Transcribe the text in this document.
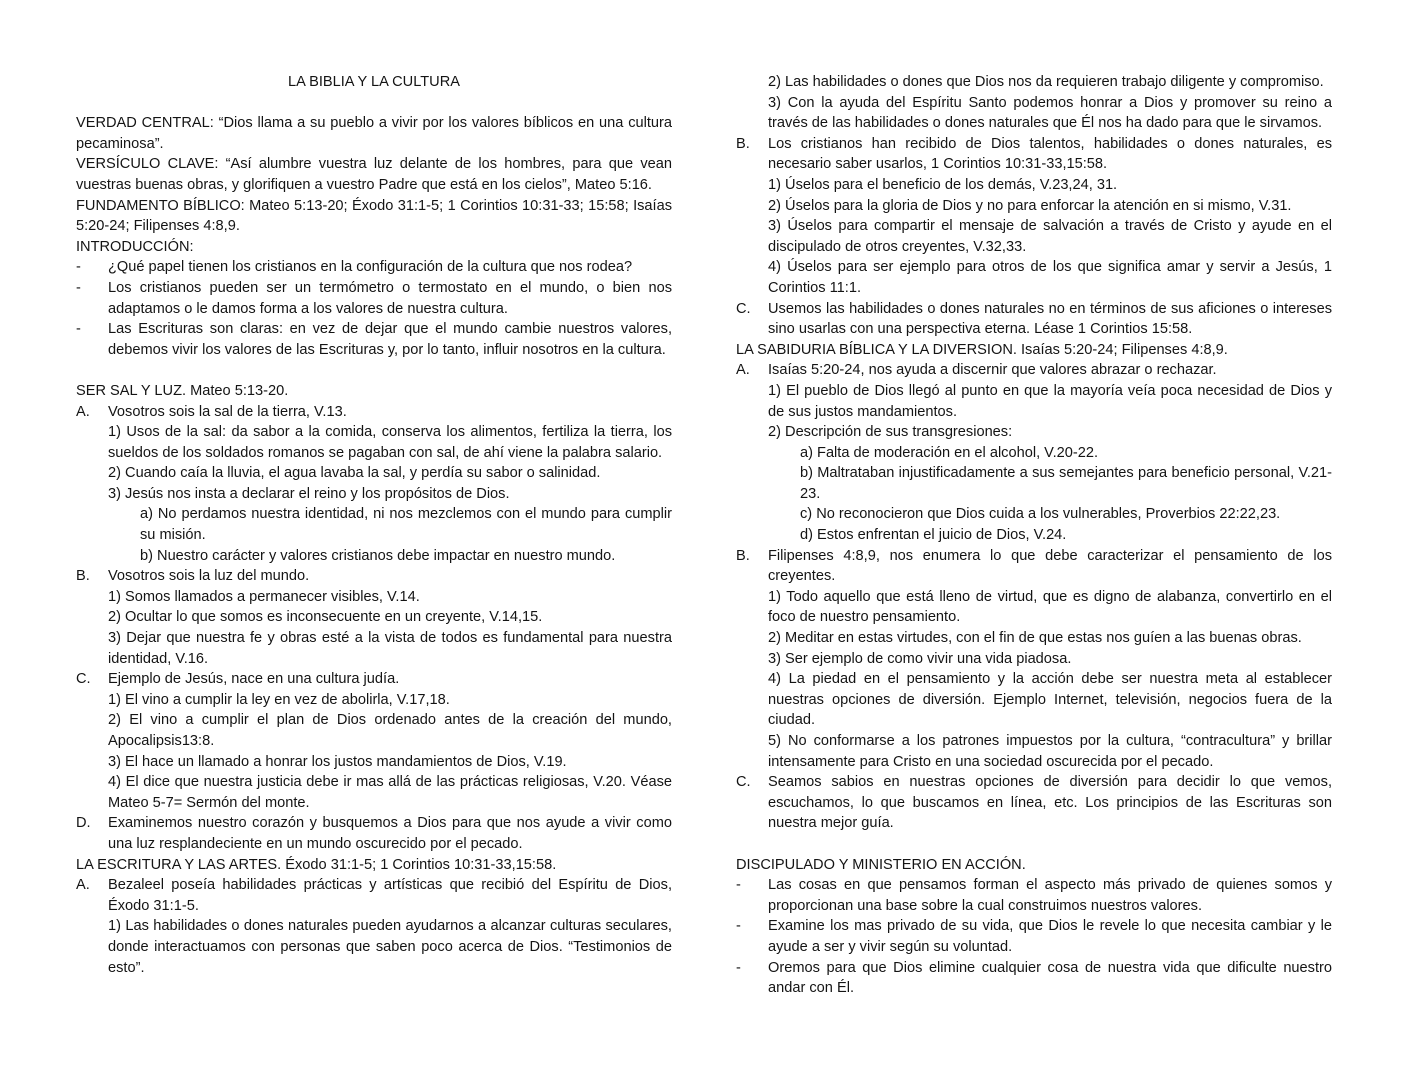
LA BIBLIA Y LA CULTURA

VERDAD CENTRAL: “Dios llama a su pueblo a vivir por los valores bíblicos en una cultura pecaminosa”.

VERSÍCULO CLAVE: “Así alumbre vuestra luz delante de los hombres, para que vean vuestras buenas obras, y glorifiquen a vuestro Padre que está en los cielos”, Mateo 5:16.

FUNDAMENTO BÍBLICO: Mateo 5:13-20; Éxodo 31:1-5; 1 Corintios 10:31-33; 15:58; Isaías 5:20-24; Filipenses 4:8,9.

INTRODUCCIÓN:

-	¿Qué papel tienen los cristianos en la configuración de la cultura que nos rodea?
-	Los cristianos pueden ser un termómetro o termostato en el mundo, o bien nos adaptamos o le damos forma a los valores de nuestra cultura.
-	Las Escrituras son claras: en vez de dejar que el mundo cambie nuestros valores, debemos vivir los valores de las Escrituras y, por lo tanto, influir nosotros en la cultura.

SER SAL Y LUZ. Mateo 5:13-20.

A.	Vosotros sois la sal de la tierra, V.13.

1) Usos de la sal: da sabor a la comida, conserva los alimentos, fertiliza la tierra, los sueldos de los soldados romanos se pagaban con sal, de ahí viene la palabra salario.

2) Cuando caía la lluvia, el agua lavaba la sal, y perdía su sabor o salinidad.

3) Jesús nos insta a declarar el reino y los propósitos de Dios.

a) No perdamos nuestra identidad, ni nos mezclemos con el mundo para cumplir su misión.

b) Nuestro carácter y valores cristianos debe impactar en nuestro mundo.

B.	Vosotros sois la luz del mundo.

1) Somos llamados a permanecer visibles, V.14.

2) Ocultar lo que somos es inconsecuente en un creyente, V.14,15.

3) Dejar que nuestra fe y obras esté a la vista de todos es fundamental para nuestra identidad, V.16.

C.	Ejemplo de Jesús, nace en una cultura judía.

1) El vino a cumplir la ley en vez de abolirla, V.17,18.

2) El vino a cumplir el plan de Dios ordenado antes de la creación del mundo, Apocalipsis13:8.

3) El hace un llamado a honrar los justos mandamientos de Dios, V.19.

4) El dice que nuestra justicia debe ir mas allá de las prácticas religiosas, V.20. Véase Mateo 5-7= Sermón del monte.

D.	Examinemos nuestro corazón y busquemos a Dios para que nos ayude a vivir como una luz resplandeciente en un mundo oscurecido por el pecado.

LA ESCRITURA Y LAS ARTES. Éxodo 31:1-5; 1 Corintios 10:31-33,15:58.

A.	Bezaleel poseía habilidades prácticas y artísticas que recibió del Espíritu de Dios, Éxodo 31:1-5.

1) Las habilidades o dones naturales pueden ayudarnos a alcanzar culturas seculares, donde interactuamos con personas que saben poco acerca de Dios. “Testimonios de esto”.

2) Las habilidades o dones que Dios nos da requieren trabajo diligente y compromiso.

3) Con la ayuda del Espíritu Santo podemos honrar a Dios y promover su reino a través de las habilidades o dones naturales que Él nos ha dado para que le sirvamos.

B.	Los cristianos han recibido de Dios talentos, habilidades o dones naturales, es necesario saber usarlos, 1 Corintios 10:31-33,15:58.

1) Úselos para el beneficio de los demás, V.23,24, 31.

2) Úselos para la gloria de Dios y no para enforcar la atención en si mismo, V.31.

3) Úselos para compartir el mensaje de salvación a través de Cristo y ayude en el discipulado de otros creyentes, V.32,33.

4) Úselos para ser ejemplo para otros de los que significa amar y servir a Jesús, 1 Corintios 11:1.

C.	Usemos las habilidades o dones naturales no en términos de sus aficiones o intereses sino usarlas con una perspectiva eterna. Léase 1 Corintios 15:58.

LA SABIDURIA BÍBLICA Y LA DIVERSION. Isaías 5:20-24; Filipenses 4:8,9.

A.	Isaías 5:20-24, nos ayuda a discernir que valores abrazar o rechazar.

1) El pueblo de Dios llegó al punto en que la mayoría veía poca necesidad de Dios y de sus justos mandamientos.

2) Descripción de sus transgresiones:

a) Falta de moderación en el alcohol, V.20-22.

b) Maltrataban injustificadamente a sus semejantes para beneficio personal, V.21-23.

c) No reconocieron que Dios cuida a los vulnerables, Proverbios 22:22,23.

d) Estos enfrentan el juicio de Dios, V.24.

B.	Filipenses 4:8,9, nos enumera lo que debe caracterizar el pensamiento de los creyentes.

1) Todo aquello que está lleno de virtud, que es digno de alabanza, convertirlo en el foco de nuestro pensamiento.

2) Meditar en estas virtudes, con el fin de que estas nos guíen a las buenas obras.

3) Ser ejemplo de como vivir una vida piadosa.

4) La piedad en el pensamiento y la acción debe ser nuestra meta al establecer nuestras opciones de diversión. Ejemplo Internet, televisión, negocios fuera de la ciudad.

5) No conformarse a los patrones impuestos por la cultura, “contracultura” y brillar intensamente para Cristo en una sociedad oscurecida por el pecado.

C.	Seamos sabios en nuestras opciones de diversión para decidir lo que vemos, escuchamos, lo que buscamos en línea, etc. Los principios de las Escrituras son nuestra mejor guía.

DISCIPULADO Y MINISTERIO EN ACCIÓN.

-	Las cosas en que pensamos forman el aspecto más privado de quienes somos y proporcionan una base sobre la cual construimos nuestros valores.
-	Examine los mas privado de su vida, que Dios le revele lo que necesita cambiar y le ayude a ser y vivir según su voluntad.
-	Oremos para que Dios elimine cualquier cosa de nuestra vida que dificulte nuestro andar con Él.
